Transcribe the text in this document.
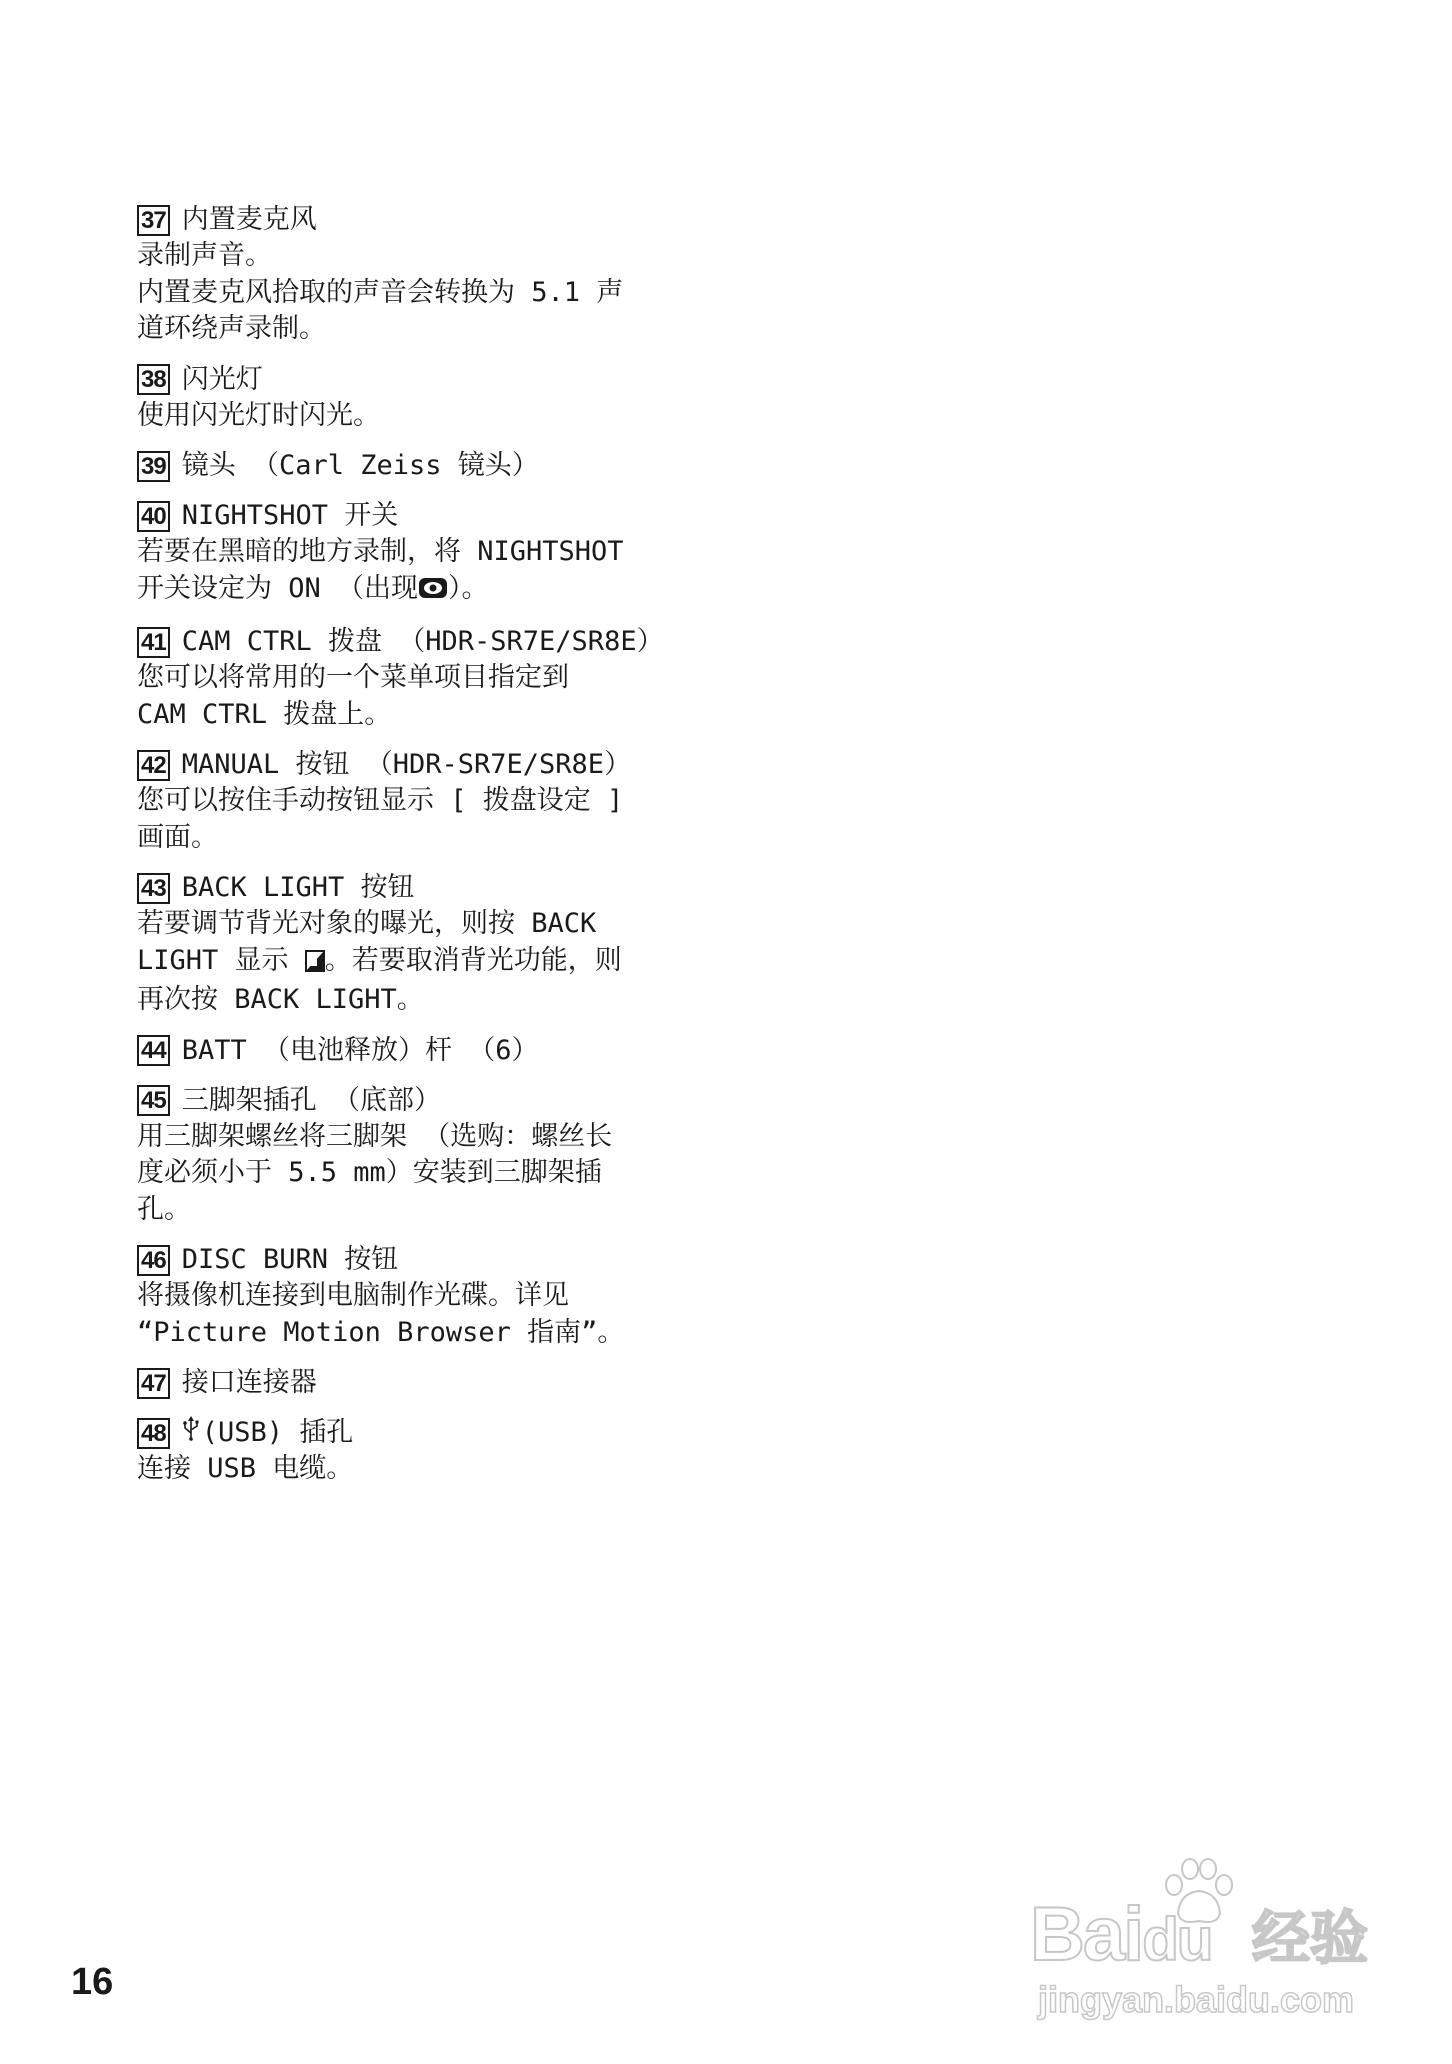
37 内置麦克风
录制声音。
内置麦克风拾取的声音会转换为 5.1 声
道环绕声录制。
38 闪光灯
使用闪光灯时闪光。
39 镜头 （Carl Zeiss 镜头）
40 NIGHTSHOT 开关
若要在黑暗的地方录制，将 NIGHTSHOT
开关设定为 ON （出现 ）。
41 CAM CTRL 拨盘 （HDR-SR7E/SR8E）
您可以将常用的一个菜单项目指定到
CAM CTRL 拨盘上。
42 MANUAL 按钮 （HDR-SR7E/SR8E）
您可以按住手动按钮显示 [ 拨盘设定 ]
画面。
43 BACK LIGHT 按钮
若要调节背光对象的曝光，则按 BACK
LIGHT 显示 。若要取消背光功能，则
再次按 BACK LIGHT。
44 BATT （电池释放）杆 （6）
45 三脚架插孔 （底部）
用三脚架螺丝将三脚架 （选购：螺丝长
度必须小于 5.5 mm）安装到三脚架插
孔。
46 DISC BURN 按钮
将摄像机连接到电脑制作光碟。详见
“Picture Motion Browser 指南”。
47 接口连接器
48 (USB) 插孔
连接 USB 电缆。
16
Baidu 经验
jingyan.baidu.com
